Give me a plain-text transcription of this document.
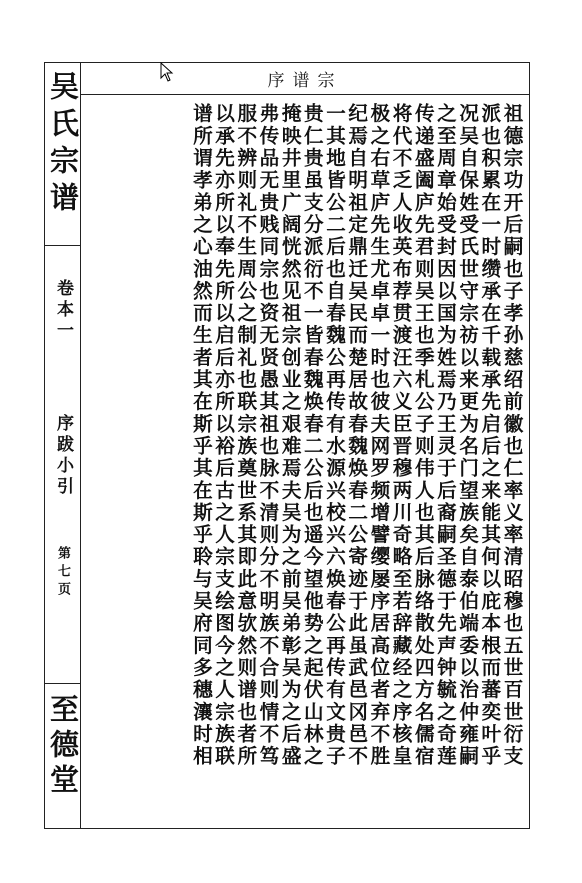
吴氏宗谱
卷本一
序跋小引
第七页
至德堂
序谱宗
祖德宗功开后嗣也子孝孙慈绍前徽也仁率义率清昭穆也五世百世衍支
派也积累在一时缵承在千载承先启后之来能其何以庇本根而蕃奕叶乎
况吴自保姓受氏世守宗祊以来更为名门望族矣自泰伯端委以治仲雍嗣
之至周章始受封因以国为姓焉乃王灵于后裔嗣圣德于先声钟毓之奇莲
传递盛阖庐先君则吴王也季札公子则伟人也其后脉络散处四方名儒宿
将代不乏人收英布荐贯渡汪六义臣晋穆两川奇略至若辞藏经之序核皇
极之右草庐先生尤卓卓一时也彼夫网罗频增譬缨屡序居高位者弃不胜
纪焉自明祖定鼎迁吴民而楚居故春魏焕春二公寄迹于此虽武邑冈邑不
一其地皆公二后也自春魏公再传有水源兴校兴六焕春公再传有文贵子
贵仁贵虽支分派衍不一皆春魏焕春二公后也遥今望他势之起伏山林之
掩映井里广阔恍然见祖宗创业之艰难焉夫吴为之前吴弟彰吴为之后盛
弗传品无贵贱同宗也资无贤愚其祖也脉不清则分不明族不合则情不笃
服不辨则礼不生周公之制礼也联宗族奠世系其即此意欤然则谱也者所
以承先亦所以奉先所以启后亦所以裕后古之人宗支绘图今之人宗族联
谱所谓孝弟之心油然而生者其在斯乎其在斯乎聆与吴府同多穗瀼时相
